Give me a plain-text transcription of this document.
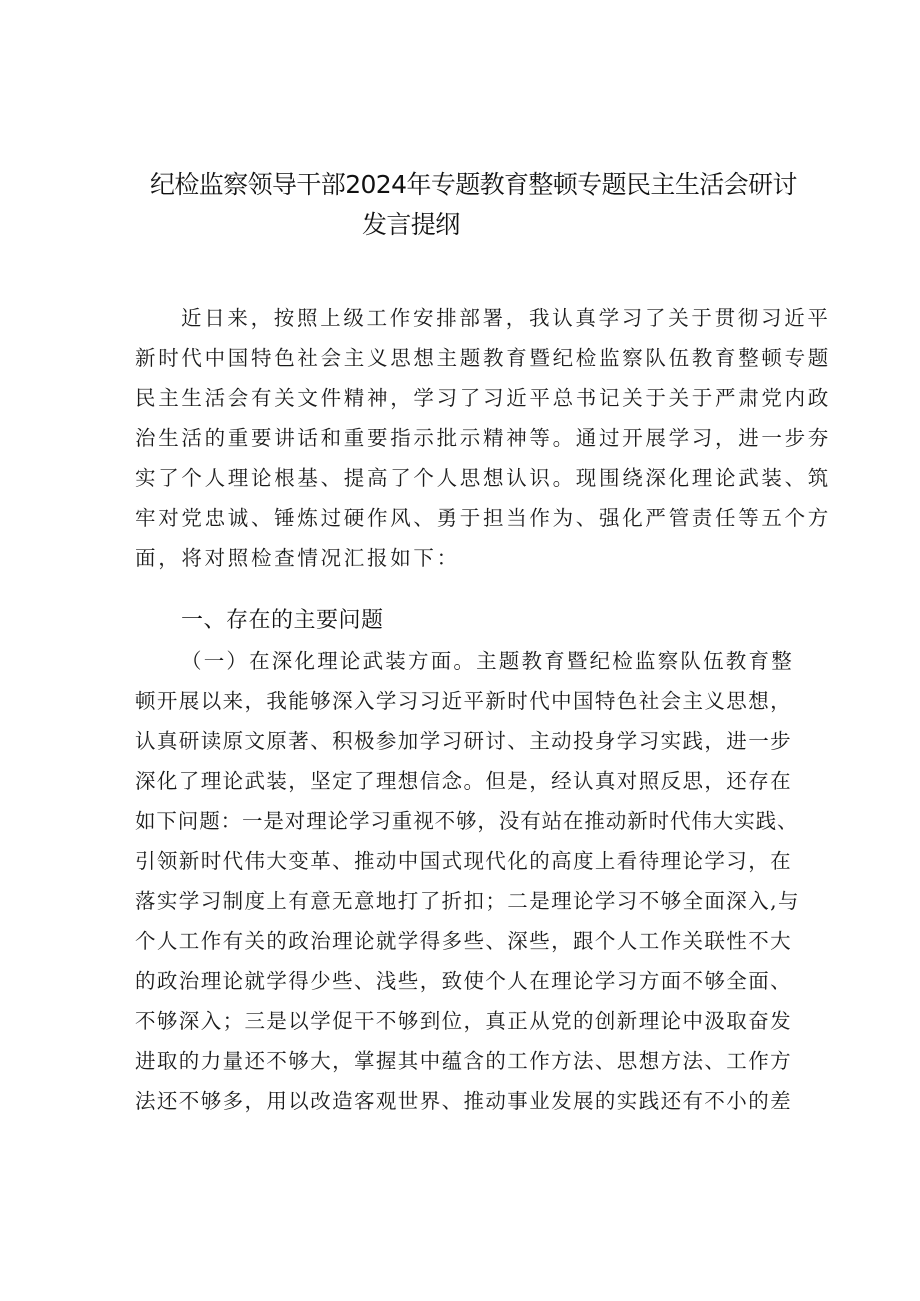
纪检监察领导干部2024年专题教育整顿专题民主生活会研讨
发言提纲
近日来，按照上级工作安排部署，我认真学习了关于贯彻习近平
新时代中国特色社会主义思想主题教育暨纪检监察队伍教育整顿专题
民主生活会有关文件精神，学习了习近平总书记关于关于严肃党内政
治生活的重要讲话和重要指示批示精神等。通过开展学习，进一步夯
实了个人理论根基、提高了个人思想认识。现围绕深化理论武装、筑
牢对党忠诚、锤炼过硬作风、勇于担当作为、强化严管责任等五个方
面，将对照检查情况汇报如下：
一、存在的主要问题
（一）在深化理论武装方面。主题教育暨纪检监察队伍教育整
顿开展以来，我能够深入学习习近平新时代中国特色社会主义思想，
认真研读原文原著、积极参加学习研讨、主动投身学习实践，进一步
深化了理论武装，坚定了理想信念。但是，经认真对照反思，还存在
如下问题：一是对理论学习重视不够，没有站在推动新时代伟大实践、
引领新时代伟大变革、推动中国式现代化的高度上看待理论学习，在
落实学习制度上有意无意地打了折扣；二是理论学习不够全面深入,与
个人工作有关的政治理论就学得多些、深些，跟个人工作关联性不大
的政治理论就学得少些、浅些，致使个人在理论学习方面不够全面、
不够深入；三是以学促干不够到位，真正从党的创新理论中汲取奋发
进取的力量还不够大，掌握其中蕴含的工作方法、思想方法、工作方
法还不够多，用以改造客观世界、推动事业发展的实践还有不小的差
